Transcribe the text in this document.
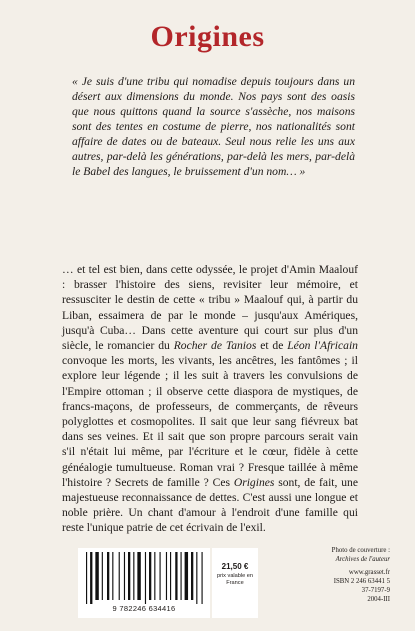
Origines

« Je suis d'une tribu qui nomadise depuis toujours dans un désert aux dimensions du monde. Nos pays sont des oasis que nous quittons quand la source s'assèche, nos maisons sont des tentes en costume de pierre, nos nationalités sont affaire de dates ou de bateaux. Seul nous relie les uns aux autres, par-delà les générations, par-delà les mers, par-delà le Babel des langues, le bruissement d'un nom… »

… et tel est bien, dans cette odyssée, le projet d'Amin Maalouf : brasser l'histoire des siens, revisiter leur mémoire, et ressusciter le destin de cette « tribu » Maalouf qui, à partir du Liban, essaimera de par le monde – jusqu'aux Amériques, jusqu'à Cuba… Dans cette aventure qui court sur plus d'un siècle, le romancier du Rocher de Tanios et de Léon l'Africain convoque les morts, les vivants, les ancêtres, les fantômes ; il explore leur légende ; il les suit à travers les convulsions de l'Empire ottoman ; il observe cette diaspora de mystiques, de francs-maçons, de professeurs, de commerçants, de rêveurs polyglottes et cosmopolites. Il sait que leur sang fiévreux bat dans ses veines. Et il sait que son propre parcours serait vain s'il n'était lui même, par l'écriture et le cœur, fidèle à cette généalogie tumultueuse. Roman vrai ? Fresque taillée à même l'histoire ? Secrets de famille ? Ces Origines sont, de fait, une majestueuse reconnaissance de dettes. C'est aussi une longue et noble prière. Un chant d'amour à l'endroit d'une famille qui reste l'unique patrie de cet écrivain de l'exil.

9 782246 634416
21,50 €
prix valable en France
Photo de couverture :
Archives de l'auteur
www.grasset.fr
ISBN 2 246 63441 5
37-7197-9
2004-III
